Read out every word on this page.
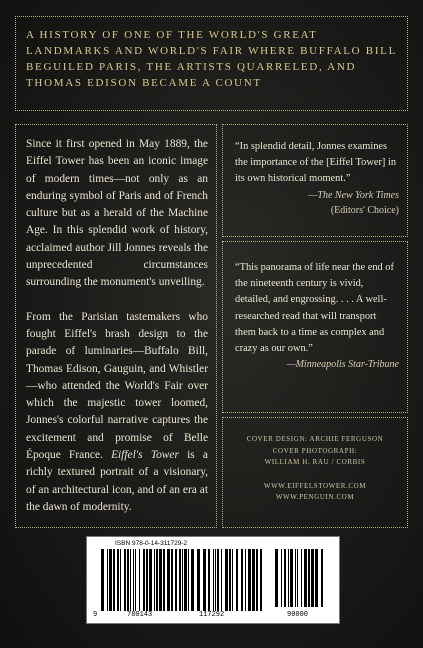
A HISTORY OF ONE OF THE WORLD'S GREAT LANDMARKS AND WORLD'S FAIR WHERE BUFFALO BILL BEGUILED PARIS, THE ARTISTS QUARRELED, AND THOMAS EDISON BECAME A COUNT

Since it first opened in May 1889, the Eiffel Tower has been an iconic image of modern times—not only as an enduring symbol of Paris and of French culture but as a herald of the Machine Age. In this splendid work of history, acclaimed author Jill Jonnes reveals the unprecedented circumstances surrounding the monument's unveiling.

From the Parisian tastemakers who fought Eiffel's brash design to the parade of luminaries—Buffalo Bill, Thomas Edison, Gauguin, and Whistler—who attended the World's Fair over which the majestic tower loomed, Jonnes's colorful narrative captures the excitement and promise of Belle Époque France. Eiffel's Tower is a richly textured portrait of a visionary, of an architectural icon, and of an era at the dawn of modernity.

“In splendid detail, Jonnes examines the importance of the [Eiffel Tower] in its own historical moment.”

—The New York Times
(Editors' Choice)

“This panorama of life near the end of the nineteenth century is vivid, detailed, and engrossing. . . . A well-researched read that will transport them back to a time as complex and crazy as our own.”

—Minneapolis Star-Tribune
COVER DESIGN: ARCHIE FERGUSON
COVER PHOTOGRAPH:
WILLIAM H. RAU / CORBIS
WWW.EIFFELSTOWER.COM
WWW.PENGUIN.COM
ISBN 978-0-14-311729-2
9	780143	117292	90000
